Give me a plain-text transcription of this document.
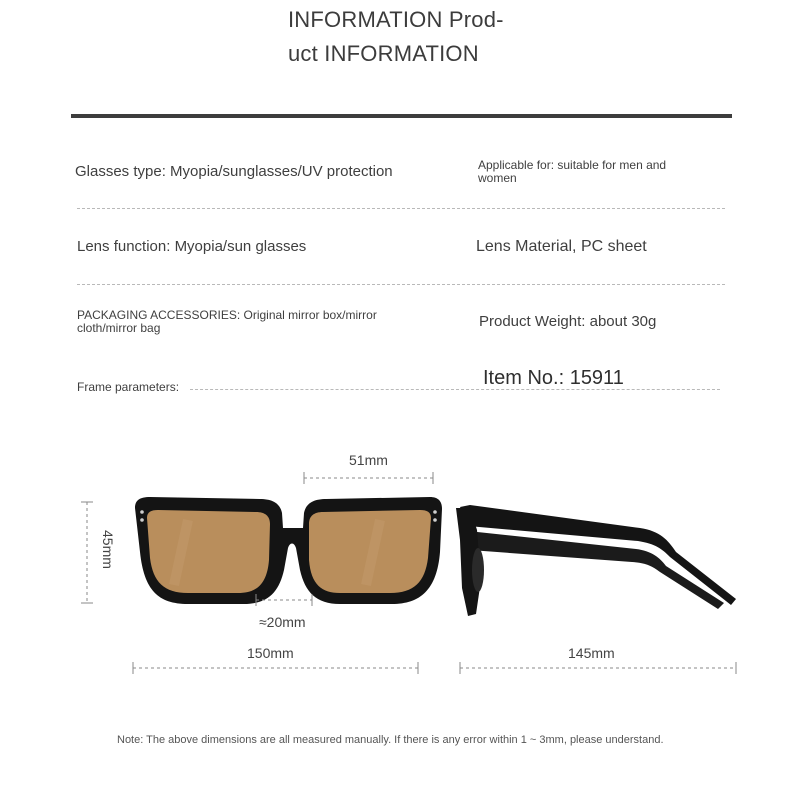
INFORMATION Prod-
uct INFORMATION
Glasses type: Myopia/sunglasses/UV protection	Applicable for: suitable for men and women
Lens function: Myopia/sun glasses	Lens Material, PC sheet
PACKAGING ACCESSORIES: Original mirror box/mirror cloth/mirror bag	Product Weight: about 30g
Frame parameters:	Item No.: 15911
51mm
45mm
≈20mm
150mm	145mm
Note: The above dimensions are all measured manually. If there is any error within 1 ~ 3mm, please understand.
